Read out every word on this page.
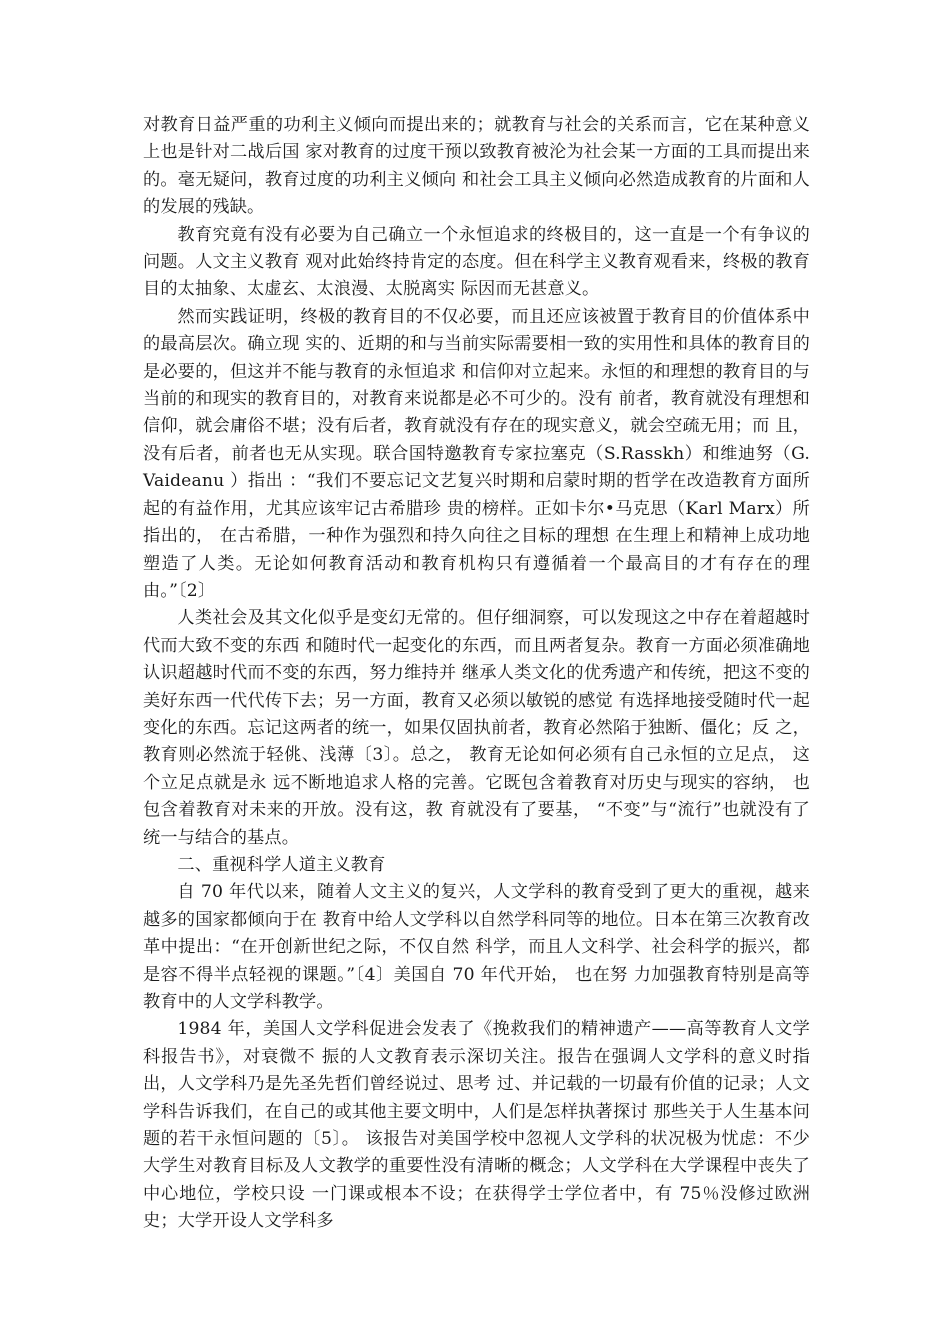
对教育日益严重的功利主义倾向而提出来的；就教育与社会的关系而言，它在某种意义上也是针对二战后国 家对教育的过度干预以致教育被沦为社会某一方面的工具而提出来的。毫无疑问，教育过度的功利主义倾向 和社会工具主义倾向必然造成教育的片面和人的发展的残缺。

教育究竟有没有必要为自己确立一个永恒追求的终极目的，这一直是一个有争议的问题。人文主义教育 观对此始终持肯定的态度。但在科学主义教育观看来，终极的教育目的太抽象、太虚玄、太浪漫、太脱离实 际因而无甚意义。

然而实践证明，终极的教育目的不仅必要，而且还应该被置于教育目的价值体系中的最高层次。确立现 实的、近期的和与当前实际需要相一致的实用性和具体的教育目的是必要的，但这并不能与教育的永恒追求 和信仰对立起来。永恒的和理想的教育目的与当前的和现实的教育目的，对教育来说都是必不可少的。没有 前者，教育就没有理想和信仰，就会庸俗不堪；没有后者，教育就没有存在的现实意义，就会空疏无用；而 且，没有后者，前者也无从实现。联合国特邀教育专家拉塞克（S.Rasskh）和维迪努（G. Vaideanu ）指出 ：“我们不要忘记文艺复兴时期和启蒙时期的哲学在改造教育方面所起的有益作用，尤其应该牢记古希腊珍 贵的榜样。正如卡尔•马克思（Karl Marx）所指出的， 在古希腊，一种作为强烈和持久向往之目标的理想 在生理上和精神上成功地塑造了人类。无论如何教育活动和教育机构只有遵循着一个最高目的才有存在的理由。”〔2〕

人类社会及其文化似乎是变幻无常的。但仔细洞察，可以发现这之中存在着超越时代而大致不变的东西 和随时代一起变化的东西，而且两者复杂。教育一方面必须准确地认识超越时代而不变的东西，努力维持并 继承人类文化的优秀遗产和传统，把这不变的美好东西一代代传下去；另一方面，教育又必须以敏锐的感觉 有选择地接受随时代一起变化的东西。忘记这两者的统一，如果仅固执前者，教育必然陷于独断、僵化；反 之，教育则必然流于轻佻、浅薄〔3〕。总之， 教育无论如何必须有自己永恒的立足点， 这个立足点就是永 远不断地追求人格的完善。它既包含着教育对历史与现实的容纳， 也包含着教育对未来的开放。没有这，教 育就没有了要基， “不变”与“流行”也就没有了统一与结合的基点。

二、重视科学人道主义教育

自 70 年代以来，随着人文主义的复兴，人文学科的教育受到了更大的重视，越来越多的国家都倾向于在 教育中给人文学科以自然学科同等的地位。日本在第三次教育改革中提出：“在开创新世纪之际，不仅自然 科学，而且人文科学、社会科学的振兴，都是容不得半点轻视的课题。”〔4〕美国自 70 年代开始， 也在努 力加强教育特别是高等教育中的人文学科教学。

1984 年，美国人文学科促进会发表了《挽救我们的精神遗产——高等教育人文学科报告书》，对衰微不 振的人文教育表示深切关注。报告在强调人文学科的意义时指出，人文学科乃是先圣先哲们曾经说过、思考 过、并记载的一切最有价值的记录；人文学科告诉我们，在自己的或其他主要文明中，人们是怎样执著探讨 那些关于人生基本问题的若干永恒问题的〔5〕。 该报告对美国学校中忽视人文学科的状况极为忧虑：不少 大学生对教育目标及人文教学的重要性没有清晰的概念；人文学科在大学课程中丧失了中心地位，学校只设 一门课或根本不设；在获得学士学位者中，有 75％没修过欧洲史；大学开设人文学科多
